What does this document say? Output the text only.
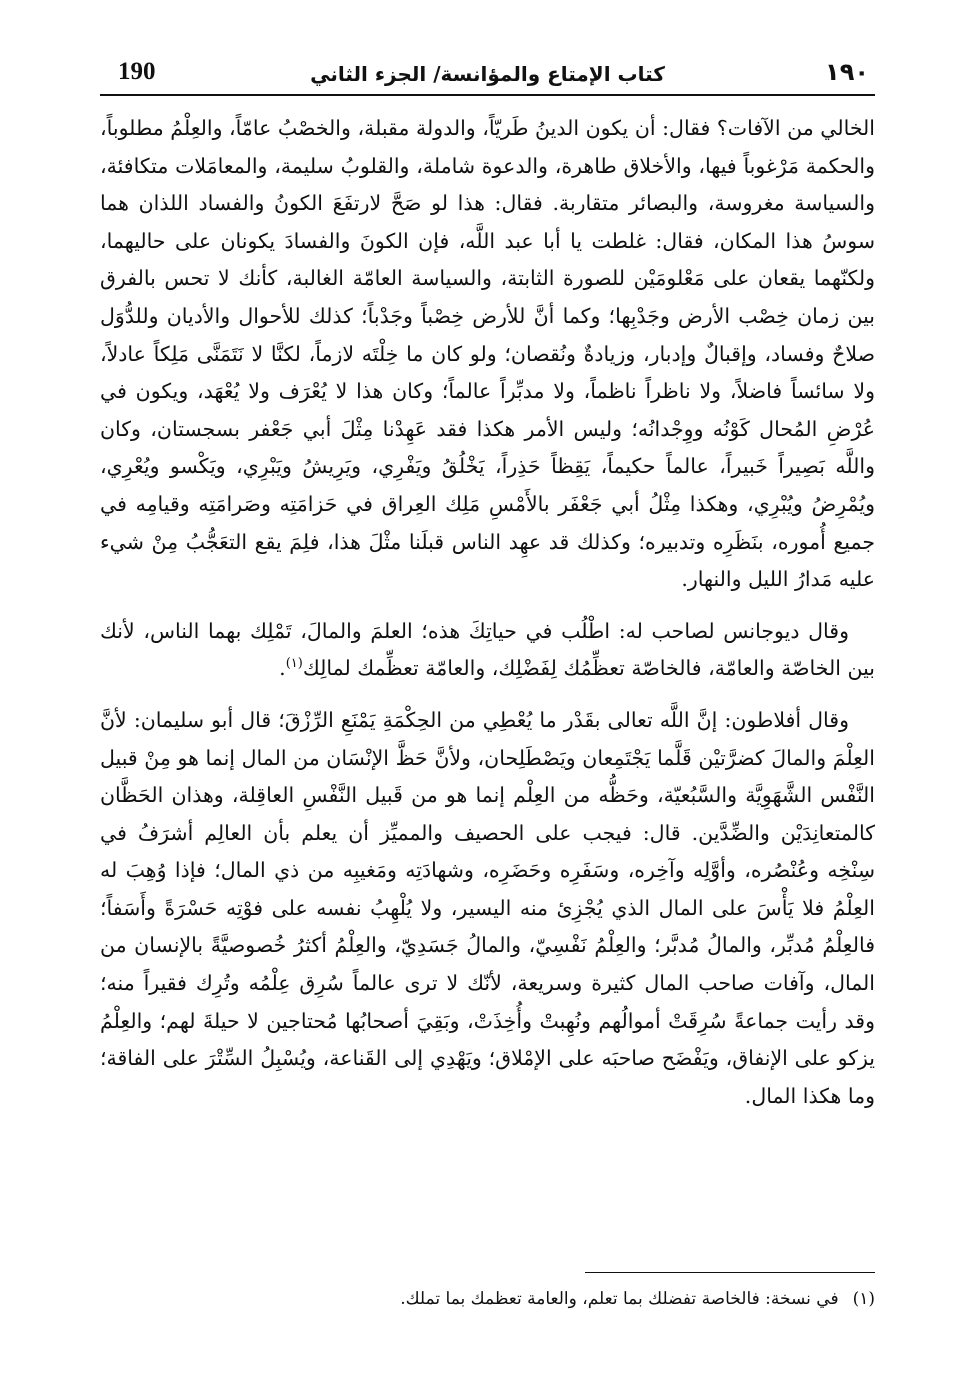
190	كتاب الإمتاع والمؤانسة/ الجزء الثاني	١٩٠

الخالي من الآفات؟ فقال: أن يكون الدينُ طَريّاً، والدولة مقبلة، والخصْبُ عامّاً، والعِلْمُ مطلوباً، والحكمة مَرْغوباً فيها، والأخلاق طاهرة، والدعوة شاملة، والقلوبُ سليمة، والمعامَلات متكافئة، والسياسة مغروسة، والبصائر متقاربة. فقال: هذا لو صَحَّ لارتفَعَ الكونُ والفساد اللذان هما سوسُ هذا المكان، فقال: غلطت يا أبا عبد اللَّه، فإن الكونَ والفسادَ يكونان على حاليهما، ولكنّهما يقعان على مَعْلومَيْن للصورة الثابتة، والسياسة العامّة الغالبة، كأنك لا تحس بالفرق بين زمان خِصْب الأرض وجَدْبِها؛ وكما أنَّ للأرض خِصْباً وجَدْباً؛ كذلك للأحوال والأديان وللدُّوَل صلاحٌ وفساد، وإقبالٌ وإدبار، وزيادةٌ ونُقصان؛ ولو كان ما خِلْتَه لازماً، لكنَّا لا نَتَمَنَّى مَلِكاً عادلاً، ولا سائساً فاضلاً، ولا ناظراً ناظماً، ولا مدبِّراً عالماً؛ وكان هذا لا يُعْرَف ولا يُعْهَد، ويكون في عُرْضِ المُحال كَوْنُه ووِجْدانُه؛ وليس الأمر هكذا فقد عَهِدْنا مِثْلَ أبي جَعْفر بسجستان، وكان واللَّه بَصِيراً خَبيراً، عالماً حكيماً، يَقِظاً حَذِراً، يَخْلُقُ ويَفْرِي، ويَرِيشُ ويَبْرِي، ويَكْسو ويُعْرِي، ويُمْرِضُ ويُبْرِي، وهكذا مِثْلُ أبي جَعْفَر بالأَمْسِ مَلِك العِراق في حَزامَتِه وصَرامَتِه وقيامِه في جميع أُموره، بنَظَرِه وتدبيره؛ وكذلك قد عهِد الناس قبلَنا مثْلَ هذا، فلِمَ يقع التعَجُّبُ مِنْ شيء عليه مَدارُ الليل والنهار.

وقال ديوجانس لصاحب له: اطْلُب في حياتِكَ هذه؛ العلمَ والمالَ، تَمْلِك بهما الناس، لأنك بين الخاصّة والعامّة، فالخاصّة تعظِّمُك لِفَضْلِك، والعامّة تعظِّمك لمالِك$^{(١)}$.

وقال أفلاطون: إنَّ اللَّه تعالى بقَدْر ما يُعْطِي من الحِكْمَةِ يَمْنَعِ الرِّزْقَ؛ قال أبو سليمان: لأنَّ العِلْمَ والمالَ كضرَّتيْن قَلَّما يَجْتَمِعان ويَصْطَلِحان، ولأنَّ حَظَّ الإنْسَان من المال إنما هو مِنْ قبيل النَّفْس الشَّهَوِيَّة والسَّبُعيّة، وحَظُّه من العِلْم إنما هو من قَبيل النَّفْسِ العاقِلة، وهذان الحَظَّان كالمتعانِدَيْن والضِّدَّين. قال: فيجب على الحصيف والمميِّز أن يعلم بأن العالِم أشرَفُ في سِنْخِه وعُنْصُره، وأوَّلِه وآخِره، وسَفَرِه وحَضَرِه، وشهادَتِه ومَغيبِه من ذي المال؛ فإذا وُهِبَ له العِلْمُ فلا يَأْسَ على المال الذي يُجْزِئ منه اليسير، ولا يُلْهِبُ نفسه على فوْتِه حَسْرَةً وأَسَفاً؛ فالعِلْمُ مُدبِّر، والمالُ مُدبَّر؛ والعِلْمُ نَفْسِيّ، والمالُ جَسَدِيّ، والعِلْمُ أكثرُ خُصوصيَّةً بالإنسان من المال، وآفات صاحب المال كثيرة وسريعة، لأنّك لا ترى عالماً سُرِق عِلْمُه وتُرِك فقيراً منه؛ وقد رأيت جماعةً سُرِقَتْ أموالُهم ونُهِبتْ وأُخِذَتْ، وبَقِيَ أصحابُها مُحتاجين لا حيلةَ لهم؛ والعِلْمُ يزكو على الإنفاق، ويَفْضَح صاحبَه على الإمْلاق؛ ويَهْدِي إلى القَناعة، ويُسْبِلُ السِّتْرَ على الفاقة؛ وما هكذا المال.

(١)في نسخة: فالخاصة تفضلك بما تعلم، والعامة تعظمك بما تملك.
